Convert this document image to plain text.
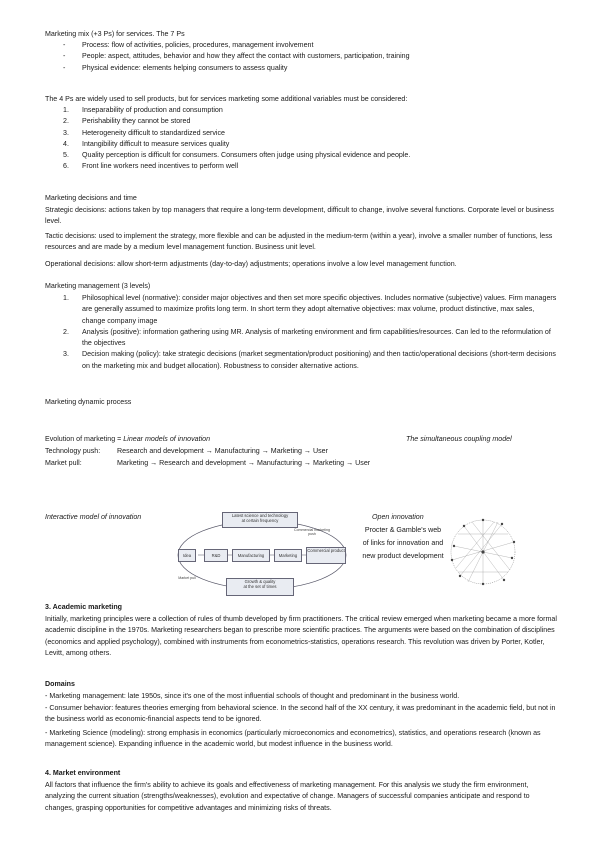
Marketing mix (+3 Ps) for services. The 7 Ps
- Process: flow of activities, policies, procedures, management involvement
- People: aspect, attitudes, behavior and how they affect the contact with customers, participation, training
- Physical evidence: elements helping consumers to assess quality
The 4 Ps are widely used to sell products, but for services marketing some additional variables must be considered:
1. Inseparability of production and consumption
2. Perishability they cannot be stored
3. Heterogeneity difficult to standardized service
4. Intangibility difficult to measure services quality
5. Quality perception is difficult for consumers. Consumers often judge using physical evidence and people.
6. Front line workers need incentives to perform well
Marketing decisions and time
Strategic decisions: actions taken by top managers that require a long-term development, difficult to change, involve several functions. Corporate level or business level.
Tactic decisions: used to implement the strategy, more flexible and can be adjusted in the medium-term (within a year), involve a smaller number of functions, less resources and are made by a medium level management function. Business unit level.
Operational decisions: allow short-term adjustments (day-to-day) adjustments; operations involve a low level management function.
Marketing management (3 levels)
1. Philosophical level (normative): consider major objectives and then set more specific objectives. Includes normative (subjective) values. Firm managers are generally assumed to maximize profits long term. In short term they adopt alternative objectives: max volume, product distinctive, max sales, change company image
2. Analysis (positive): information gathering using MR. Analysis of marketing environment and firm capabilities/resources. Can led to the reformulation of the objectives
3. Decision making (policy): take strategic decisions (market segmentation/product positioning) and then tactic/operational decisions (short-term decisions on the marketing mix and budget allocation). Robustness to consider alternative actions.
Marketing dynamic process
Evolution of marketing = Linear models of innovation	The simultaneous coupling model
Technology push: Research and development → Manufacturing → Marketing → User
Market pull:	Marketing → Research and development → Manufacturing → Marketing → User
Interactive model of innovation	Open innovation
Procter & Gamble's web
of links for innovation and
new product development
Latest science and technology
at certain frequency
Commercial marketing push
Idea	R&D	Manufacturing	Marketing
Commercial product
Growth & quality
at the set of times
Market pull
3. Academic marketing
Initially, marketing principles were a collection of rules of thumb developed by firm practitioners. The critical review emerged when marketing became a more formal academic discipline in the 1970s. Marketing researchers began to prescribe more scientific practices. The arguments were based on the combination of disciplines (economics and applied psychology), combined with instruments from econometrics-statistics, operations research. This revolution was driven by Porter, Kotler, Levitt, among others.
Domains
- Marketing management: late 1950s, since it's one of the most influential schools of thought and predominant in the business world.
- Consumer behavior: features theories emerging from behavioral science. In the second half of the XX century, it was predominant in the academic field, but not in the business world as economic-financial aspects tend to be ignored.
- Marketing Science (modeling): strong emphasis in economics (particularly microeconomics and econometrics), statistics, and operations research (known as management science). Expanding influence in the academic world, but modest influence in the business world.
4. Market environment
All factors that influence the firm's ability to achieve its goals and effectiveness of marketing management. For this analysis we study the firm environment, analyzing the current situation (strengths/weaknesses), evolution and expectative of change. Managers of successful companies anticipate and respond to changes, grasping opportunities for competitive advantages and minimizing risks of threats.
